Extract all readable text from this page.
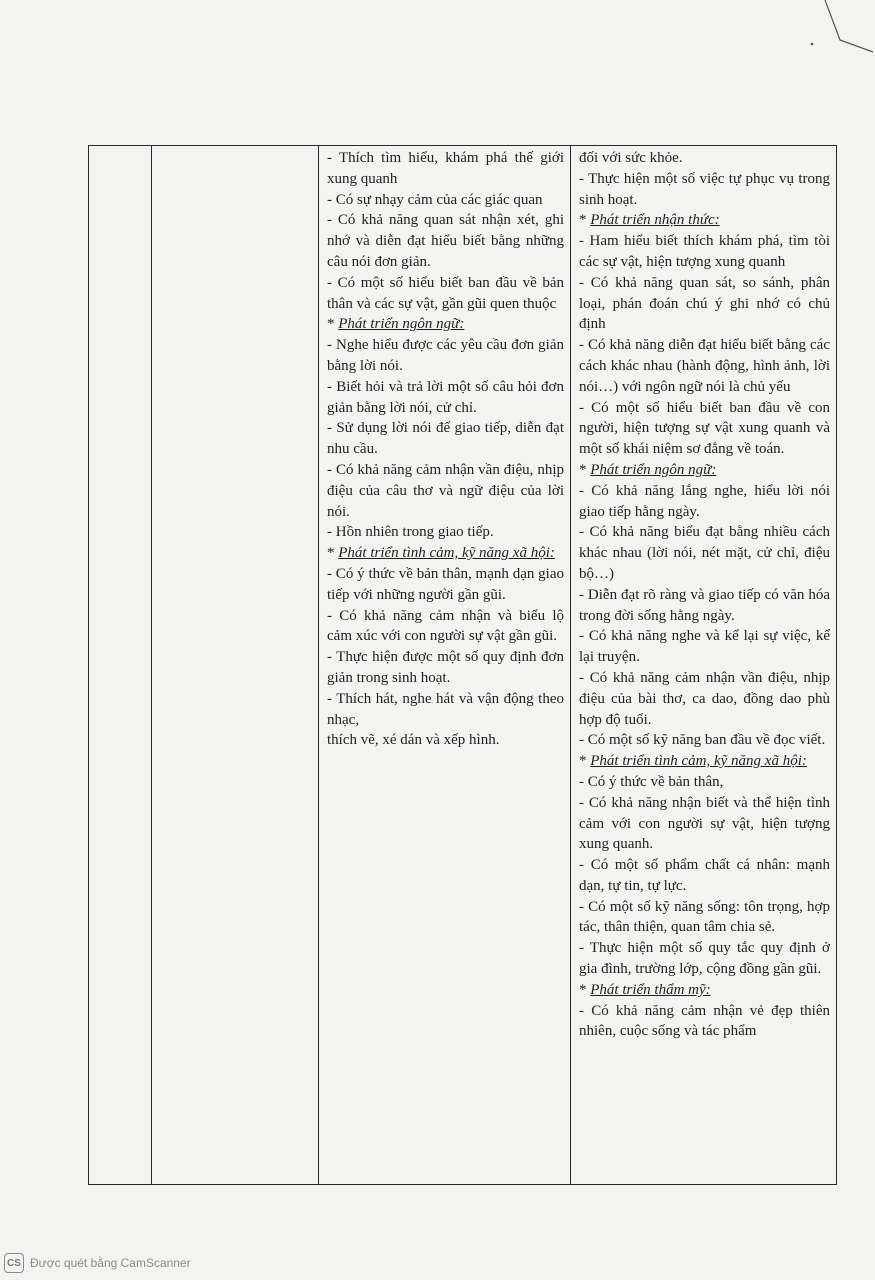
- Thích tìm hiểu, khám phá thế giới xung quanh
- Có sự nhạy cảm của các giác quan
- Có khả năng quan sát nhận xét, ghi nhớ và diễn đạt hiểu biết bằng những câu nói đơn giản.
- Có một số hiểu biết ban đầu về bản thân và các sự vật, gần gũi quen thuộc
* Phát triển ngôn ngữ:
- Nghe hiểu được các yêu cầu đơn giản bằng lời nói.
- Biết hỏi và trả lời một số câu hỏi đơn giản bằng lời nói, cử chỉ.
- Sử dụng lời nói để giao tiếp, diễn đạt nhu cầu.
- Có khả năng cảm nhận vần điệu, nhịp điệu của câu thơ và ngữ điệu của lời nói.
- Hồn nhiên trong giao tiếp.
* Phát triển tình cảm, kỹ năng xã hội:
- Có ý thức về bản thân, mạnh dạn giao tiếp với những người gần gũi.
- Có khả năng cảm nhận và biểu lộ cảm xúc với con người sự vật gần gũi.
- Thực hiện được một số quy định đơn giản trong sinh hoạt.
- Thích hát, nghe hát và vận động theo nhạc,
thích vẽ, xé dán và xếp hình.

đối với sức khỏe.
- Thực hiện một số việc tự phục vụ trong sinh hoạt.
* Phát triển nhận thức:
- Ham hiểu biết thích khám phá, tìm tòi các sự vật, hiện tượng xung quanh
- Có khả năng quan sát, so sánh, phân loại, phán đoán chú ý ghi nhớ có chủ định
- Có khả năng diễn đạt hiểu biết bằng các cách khác nhau (hành động, hình ảnh, lời nói…) với ngôn ngữ nói là chủ yếu
- Có một số hiểu biết ban đầu về con người, hiện tượng sự vật xung quanh và một số khái niệm sơ đẳng về toán.
* Phát triển ngôn ngữ:
- Có khả năng lắng nghe, hiểu lời nói giao tiếp hằng ngày.
- Có khả năng biểu đạt bằng nhiều cách khác nhau (lời nói, nét mặt, cử chỉ, điệu bộ…)
- Diễn đạt rõ ràng và giao tiếp có văn hóa trong đời sống hằng ngày.
- Có khả năng nghe và kể lại sự việc, kể lại truyện.
- Có khả năng cảm nhận vần điệu, nhịp điệu của bài thơ, ca dao, đồng dao phù hợp độ tuổi.
- Có một số kỹ năng ban đầu về đọc viết.
* Phát triển tình cảm, kỹ năng xã hội:
- Có ý thức về bản thân,
- Có khả năng nhận biết và thể hiện tình cảm với con người sự vật, hiện tượng xung quanh.
- Có một số phẩm chất cá nhân: mạnh dạn, tự tin, tự lực.
- Có một số kỹ năng sống: tôn trọng, hợp tác, thân thiện, quan tâm chia sẻ.
- Thực hiện một số quy tắc quy định ở gia đình, trường lớp, cộng đồng gần gũi.
* Phát triển thẩm mỹ:
- Có khả năng cảm nhận vẻ đẹp thiên nhiên, cuộc sống và tác phẩm
CS Được quét bằng CamScanner
